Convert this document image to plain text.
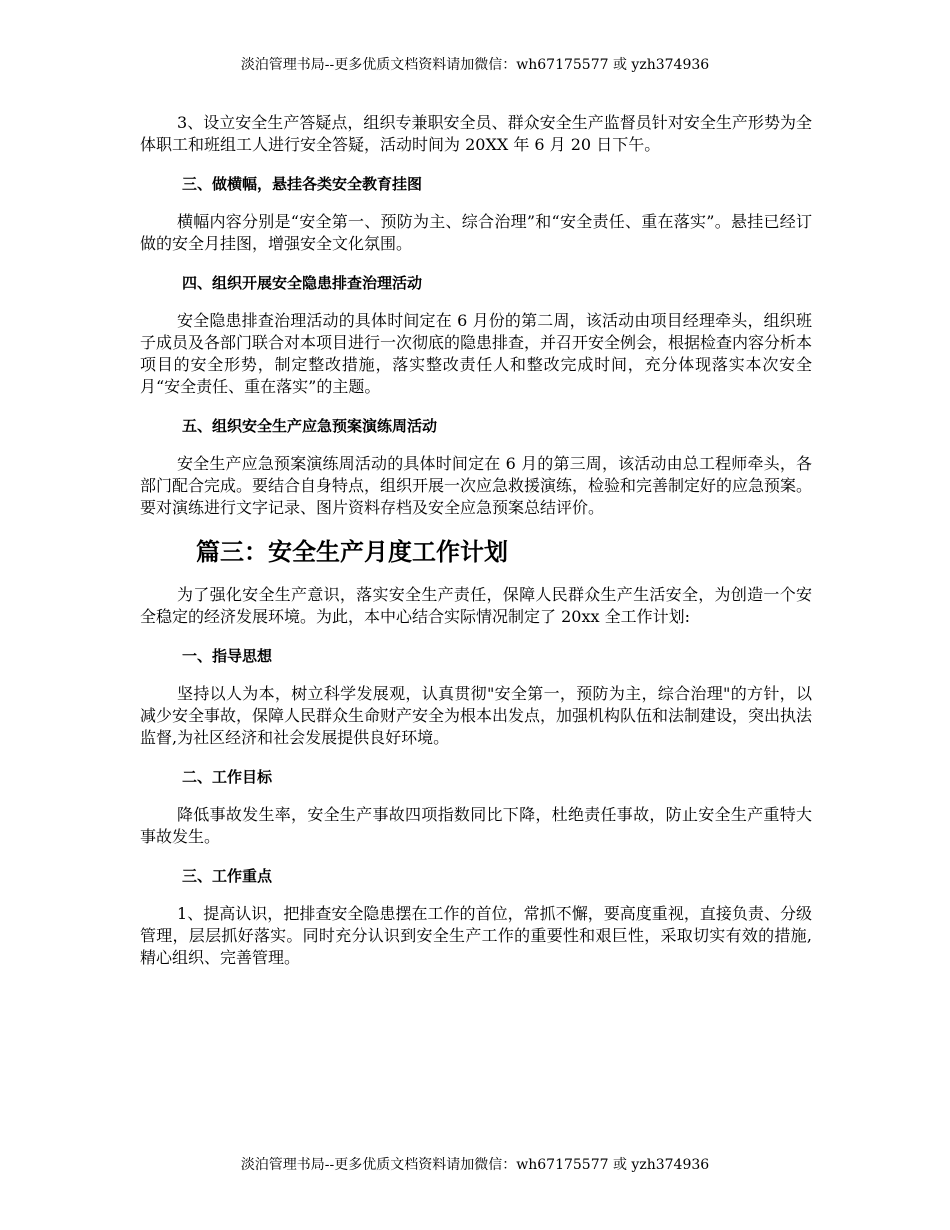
淡泊管理书局--更多优质文档资料请加微信：wh67175577 或 yzh374936

3、设立安全生产答疑点，组织专兼职安全员、群众安全生产监督员针对安全生产形势为全体职工和班组工人进行安全答疑，活动时间为 20XX 年 6 月 20 日下午。

三、做横幅，悬挂各类安全教育挂图

横幅内容分别是“安全第一、预防为主、综合治理”和“安全责任、重在落实”。悬挂已经订做的安全月挂图，增强安全文化氛围。

四、组织开展安全隐患排查治理活动

安全隐患排查治理活动的具体时间定在 6 月份的第二周，该活动由项目经理牵头，组织班子成员及各部门联合对本项目进行一次彻底的隐患排查，并召开安全例会，根据检查内容分析本项目的安全形势，制定整改措施，落实整改责任人和整改完成时间，充分体现落实本次安全月“安全责任、重在落实”的主题。

五、组织安全生产应急预案演练周活动

安全生产应急预案演练周活动的具体时间定在 6 月的第三周，该活动由总工程师牵头，各部门配合完成。要结合自身特点，组织开展一次应急救援演练，检验和完善制定好的应急预案。要对演练进行文字记录、图片资料存档及安全应急预案总结评价。

篇三：安全生产月度工作计划

为了强化安全生产意识，落实安全生产责任，保障人民群众生产生活安全，为创造一个安全稳定的经济发展环境。为此，本中心结合实际情况制定了 20xx 全工作计划:

一、指导思想

坚持以人为本，树立科学发展观，认真贯彻"安全第一，预防为主，综合治理"的方针，以减少安全事故，保障人民群众生命财产安全为根本出发点，加强机构队伍和法制建设，突出执法监督,为社区经济和社会发展提供良好环境。

二、工作目标

降低事故发生率，安全生产事故四项指数同比下降，杜绝责任事故，防止安全生产重特大事故发生。

三、工作重点

1、提高认识，把排查安全隐患摆在工作的首位，常抓不懈，要高度重视，直接负责、分级管理，层层抓好落实。同时充分认识到安全生产工作的重要性和艰巨性，采取切实有效的措施,精心组织、完善管理。

淡泊管理书局--更多优质文档资料请加微信：wh67175577 或 yzh374936
